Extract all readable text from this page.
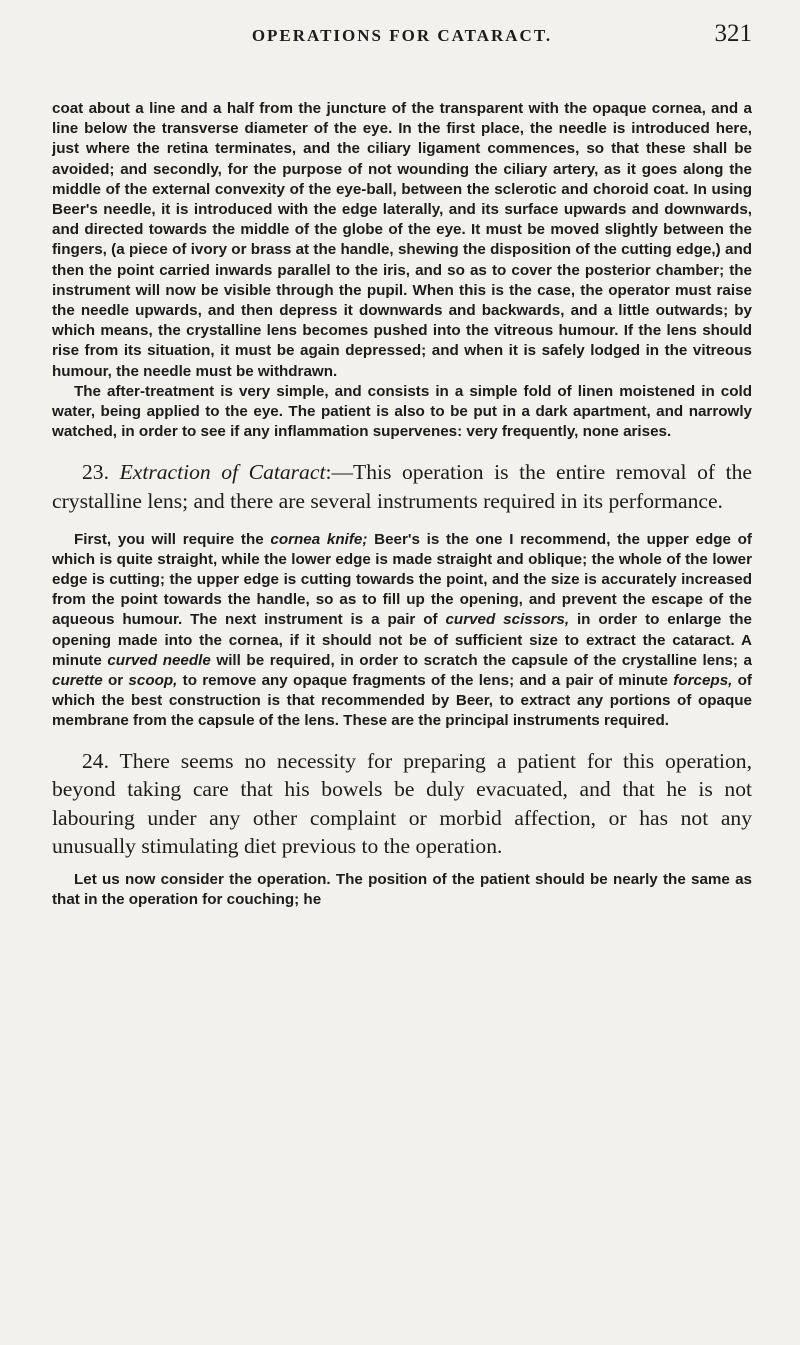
OPERATIONS FOR CATARACT.	321

coat about a line and a half from the juncture of the transparent with the opaque cornea, and a line below the transverse diameter of the eye. In the first place, the needle is introduced here, just where the retina terminates, and the ciliary ligament commences, so that these shall be avoided; and secondly, for the purpose of not wounding the ciliary artery, as it goes along the middle of the external convexity of the eye-ball, between the sclerotic and choroid coat. In using Beer's needle, it is introduced with the edge laterally, and its surface upwards and downwards, and directed towards the middle of the globe of the eye. It must be moved slightly between the fingers, (a piece of ivory or brass at the handle, shewing the disposition of the cutting edge,) and then the point carried inwards parallel to the iris, and so as to cover the posterior chamber; the instrument will now be visible through the pupil. When this is the case, the operator must raise the needle upwards, and then depress it downwards and backwards, and a little outwards; by which means, the crystalline lens becomes pushed into the vitreous humour. If the lens should rise from its situation, it must be again depressed; and when it is safely lodged in the vitreous humour, the needle must be withdrawn.

The after-treatment is very simple, and consists in a simple fold of linen moistened in cold water, being applied to the eye. The patient is also to be put in a dark apartment, and narrowly watched, in order to see if any inflammation supervenes: very frequently, none arises.

23. Extraction of Cataract:—This operation is the entire removal of the crystalline lens; and there are several instruments required in its performance.

First, you will require the cornea knife; Beer's is the one I recommend, the upper edge of which is quite straight, while the lower edge is made straight and oblique; the whole of the lower edge is cutting; the upper edge is cutting towards the point, and the size is accurately increased from the point towards the handle, so as to fill up the opening, and prevent the escape of the aqueous humour. The next instrument is a pair of curved scissors, in order to enlarge the opening made into the cornea, if it should not be of sufficient size to extract the cataract. A minute curved needle will be required, in order to scratch the capsule of the crystalline lens; a curette or scoop, to remove any opaque fragments of the lens; and a pair of minute forceps, of which the best construction is that recommended by Beer, to extract any portions of opaque membrane from the capsule of the lens. These are the principal instruments required.

24. There seems no necessity for preparing a patient for this operation, beyond taking care that his bowels be duly evacuated, and that he is not labouring under any other complaint or morbid affection, or has not any unusually stimulating diet previous to the operation.

Let us now consider the operation. The position of the patient should be nearly the same as that in the operation for couching; he
